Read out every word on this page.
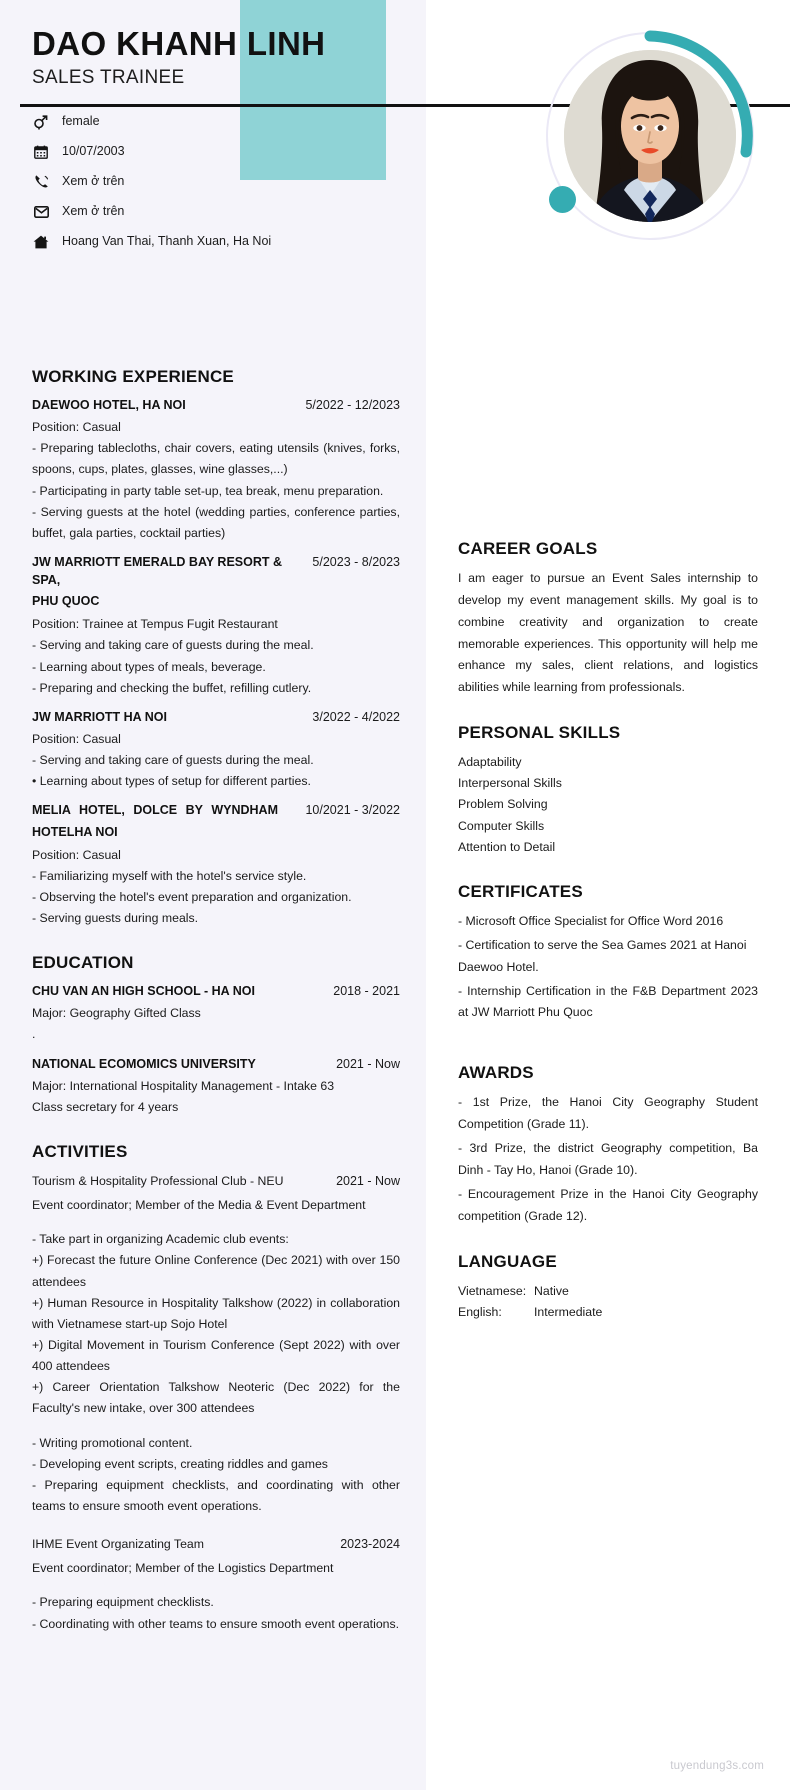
DAO KHANH LINH
SALES TRAINEE
female
10/07/2003
Xem ở trên
Xem ở trên
Hoang Van Thai, Thanh Xuan, Ha Noi
WORKING EXPERIENCE
DAEWOO HOTEL, HA NOI	5/2022 - 12/2023

Position: Casual

- Preparing tablecloths, chair covers, eating utensils (knives, forks, spoons, cups, plates, glasses, wine glasses,...)

- Participating in party table set-up, tea break, menu preparation.

- Serving guests at the hotel (wedding parties, conference parties, buffet, gala parties, cocktail parties)

JW MARRIOTT EMERALD BAY RESORT & SPA,
5/2023 - 8/2023
PHU QUOC

Position: Trainee at Tempus Fugit Restaurant

- Serving and taking care of guests during the meal.

- Learning about types of meals, beverage.

- Preparing and checking the buffet, refilling cutlery.

JW MARRIOTT HA NOI	3/2022 - 4/2022

Position: Casual

- Serving and taking care of guests during the meal.

• Learning about types of setup for different parties.

MELIA HOTEL, DOLCE BY WYNDHAM 10/2021 - 3/2022
HOTELHA NOI

Position: Casual

- Familiarizing myself with the hotel's service style.

- Observing the hotel's event preparation and organization.

- Serving guests during meals.

EDUCATION
CHU VAN AN HIGH SCHOOL - HA NOI	2018 - 2021

Major: Geography Gifted Class

.

NATIONAL ECOMOMICS UNIVERSITY	2021 - Now

Major: International Hospitality Management - Intake 63

Class secretary for 4 years

ACTIVITIES
Tourism & Hospitality Professional Club - NEU	2021 - Now

Event coordinator; Member of the Media & Event Department

- Take part in organizing Academic club events:

+) Forecast the future Online Conference (Dec 2021) with over 150 attendees

+) Human Resource in Hospitality Talkshow (2022) in collaboration with Vietnamese start-up Sojo Hotel

+) Digital Movement in Tourism Conference (Sept 2022) with over 400 attendees

+) Career Orientation Talkshow Neoteric (Dec 2022) for the Faculty's new intake, over 300 attendees

- Writing promotional content.

- Developing event scripts, creating riddles and games

- Preparing equipment checklists, and coordinating with other teams to ensure smooth event operations.

IHME Event Organizating Team	2023-2024

Event coordinator; Member of the Logistics Department

- Preparing equipment checklists.

- Coordinating with other teams to ensure smooth event operations.

CAREER GOALS

I am eager to pursue an Event Sales internship to develop my event management skills. My goal is to combine creativity and organization to create memorable experiences. This opportunity will help me enhance my sales, client relations, and logistics abilities while learning from professionals.

PERSONAL SKILLS
Adaptability
Interpersonal Skills
Problem Solving
Computer Skills
Attention to Detail
CERTIFICATES

- Microsoft Office Specialist for Office Word 2016

- Certification to serve the Sea Games 2021 at Hanoi Daewoo Hotel.

- Internship Certification in the F&B Department 2023 at JW Marriott Phu Quoc

AWARDS

- 1st Prize, the Hanoi City Geography Student Competition (Grade 11).

- 3rd Prize, the district Geography competition, Ba Dinh - Tay Ho, Hanoi (Grade 10).

- Encouragement Prize in the Hanoi City Geography competition (Grade 12).

LANGUAGE
Vietnamese: Native
English:	Intermediate
tuyendung3s.com
